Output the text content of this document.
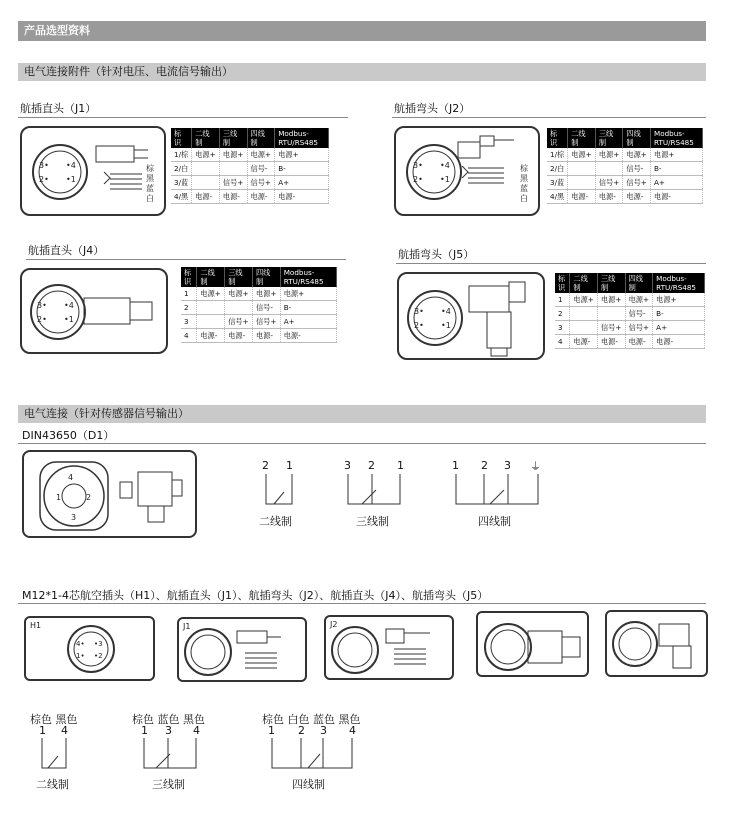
产品选型资料
电气连接附件（针对电压、电流信号输出）
航插直头（J1）
3• •4
2• •1
棕黑蓝白
标识	二线制	三线制	四线制	Modbus-RTU/RS485
1/棕	电源+	电源+	电源+	电源+
2/白			信号-	B-
3/蓝		信号+	信号+	A+
4/黑	电源-	电源-	电源-	电源-
航插弯头（J2）
3• •4
2• •1
棕黑蓝白
标识	二线制	三线制	四线制	Modbus-RTU/RS485
1/棕	电源+	电源+	电源+	电源+
2/白			信号-	B-
3/蓝		信号+	信号+	A+
4/黑	电源-	电源-	电源-	电源-
航插直头（J4）
3• •4
2• •1
标识	二线制	三线制	四线制	Modbus-RTU/RS485
1	电源+	电源+	电源+	电源+
2			信号-	B-
3		信号+	信号+	A+
4	电源-	电源-	电源-	电源-
航插弯头（J5）
3• •4
2• •1
标识	二线制	三线制	四线制	Modbus-RTU/RS485
1	电源+	电源+	电源+	电源+
2			信号-	B-
3		信号+	信号+	A+
4	电源-	电源-	电源-	电源-
电气连接（针对传感器信号输出）
DIN43650（D1）
4
1	2
3
2 1
二线制
3 2 1
三线制
1 2 3 ⏚
四线制
M12*1-4芯航空插头（H1）、航插直头（J1）、航插弯头（J2）、航插直头（J4）、航插弯头（J5）
H1
4• •3
1• •2
J1	J2
棕色 黑色
1 4
二线制
棕色 蓝色 黑色
1 3 4
三线制
棕色 白色 蓝色 黑色
1 2 3 4
四线制
